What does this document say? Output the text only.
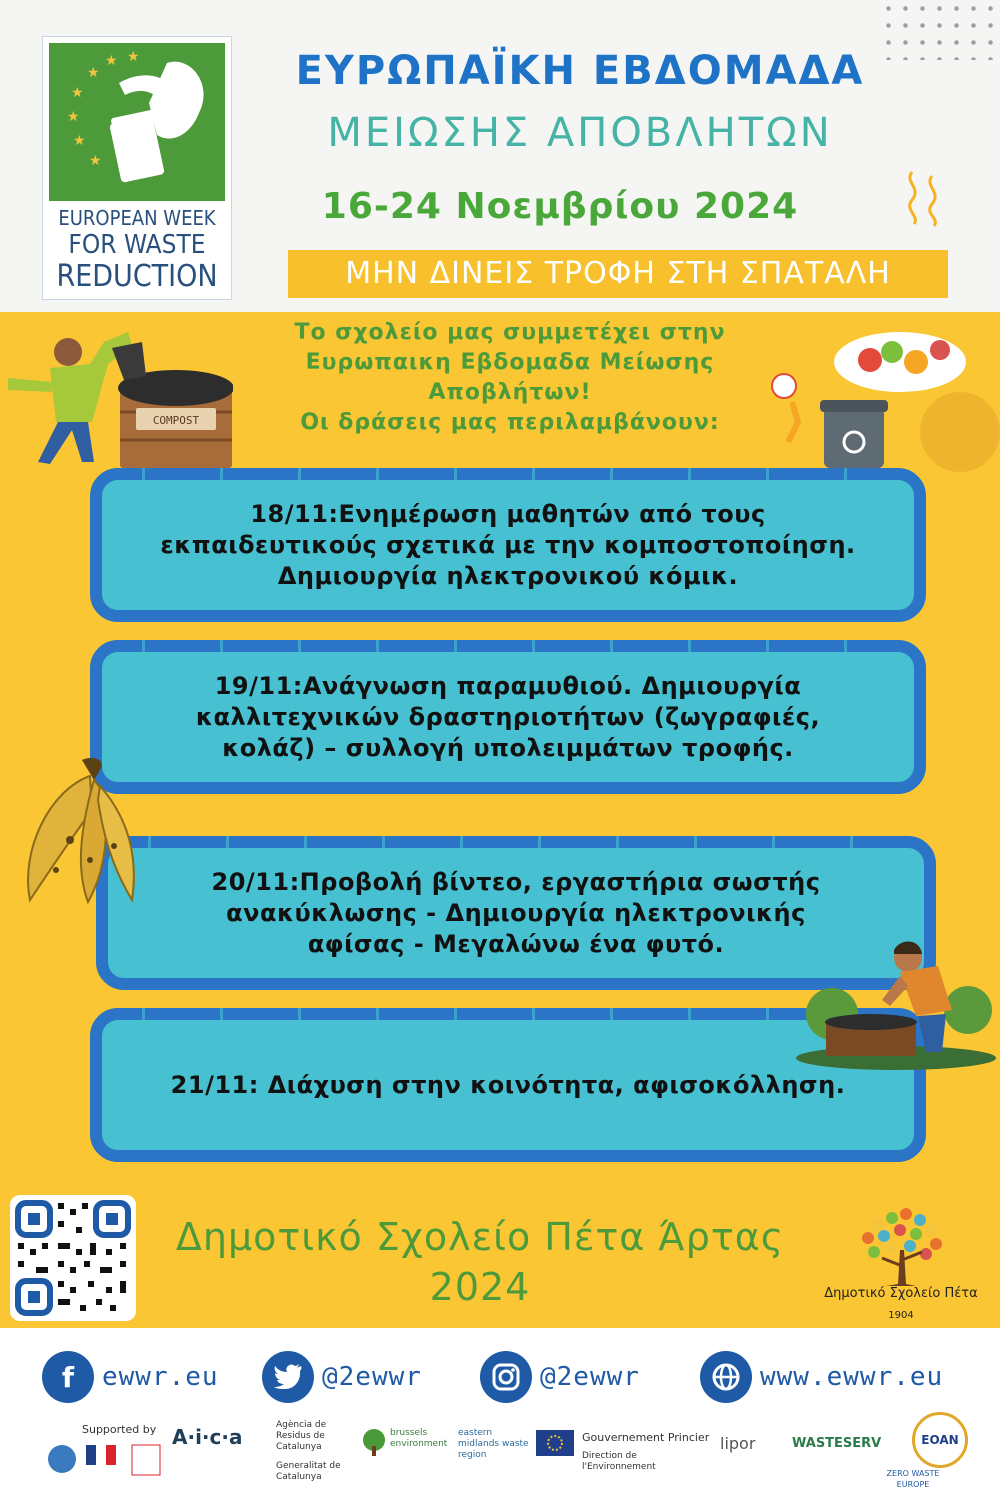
★
★ ★
★
★
★
★
EUROPEAN WEEK
FOR WASTE
REDUCTION
ΕΥΡΩΠΑΪΚΗ ΕΒΔΟΜΑΔΑ
ΜΕΙΩΣΗΣ ΑΠΟΒΛΗΤΩΝ
16-24 Νοεμβρίου 2024
ΜΗΝ ΔΙΝΕΙΣ ΤΡΟΦΗ ΣΤΗ ΣΠΑΤΑΛΗ
Το σχολείο μας συμμετέχει στην
Ευρωπαικη Εβδομαδα Μείωσης
Αποβλήτων!
Οι δράσεις μας περιλαμβάνουν:
COMPOST
18/11:Ενημέρωση μαθητών από τους
εκπαιδευτικούς σχετικά με την κομποστοποίηση.
Δημιουργία ηλεκτρονικού κόμικ.
19/11:Ανάγνωση παραμυθιού. Δημιουργία
καλλιτεχνικών δραστηριοτήτων (ζωγραφιές,
κολάζ) – συλλογή υπολειμμάτων τροφής.
20/11:Προβολή βίντεο, εργαστήρια σωστής
ανακύκλωσης - Δημιουργία ηλεκτρονικής
αφίσας - Μεγαλώνω ένα φυτό.
21/11: Διάχυση στην κοινότητα, αφισοκόλληση.
Δημοτικό Σχολείο Πέτα Άρτας
2024	Δημοτικό Σχολείο Πέτα
1904
f	ewwr.eu	@2ewwr	@2ewwr	www.ewwr.eu
Supported by A·i·c·a	Agència de Residus de Catalunya
Generalitat de Catalunya
brussels environment
eastern midlands waste region
Gouvernement Princier
Direction de l'Environnement
lipor	WASTESERV	EOAN
ZERO WASTE EUROPE
